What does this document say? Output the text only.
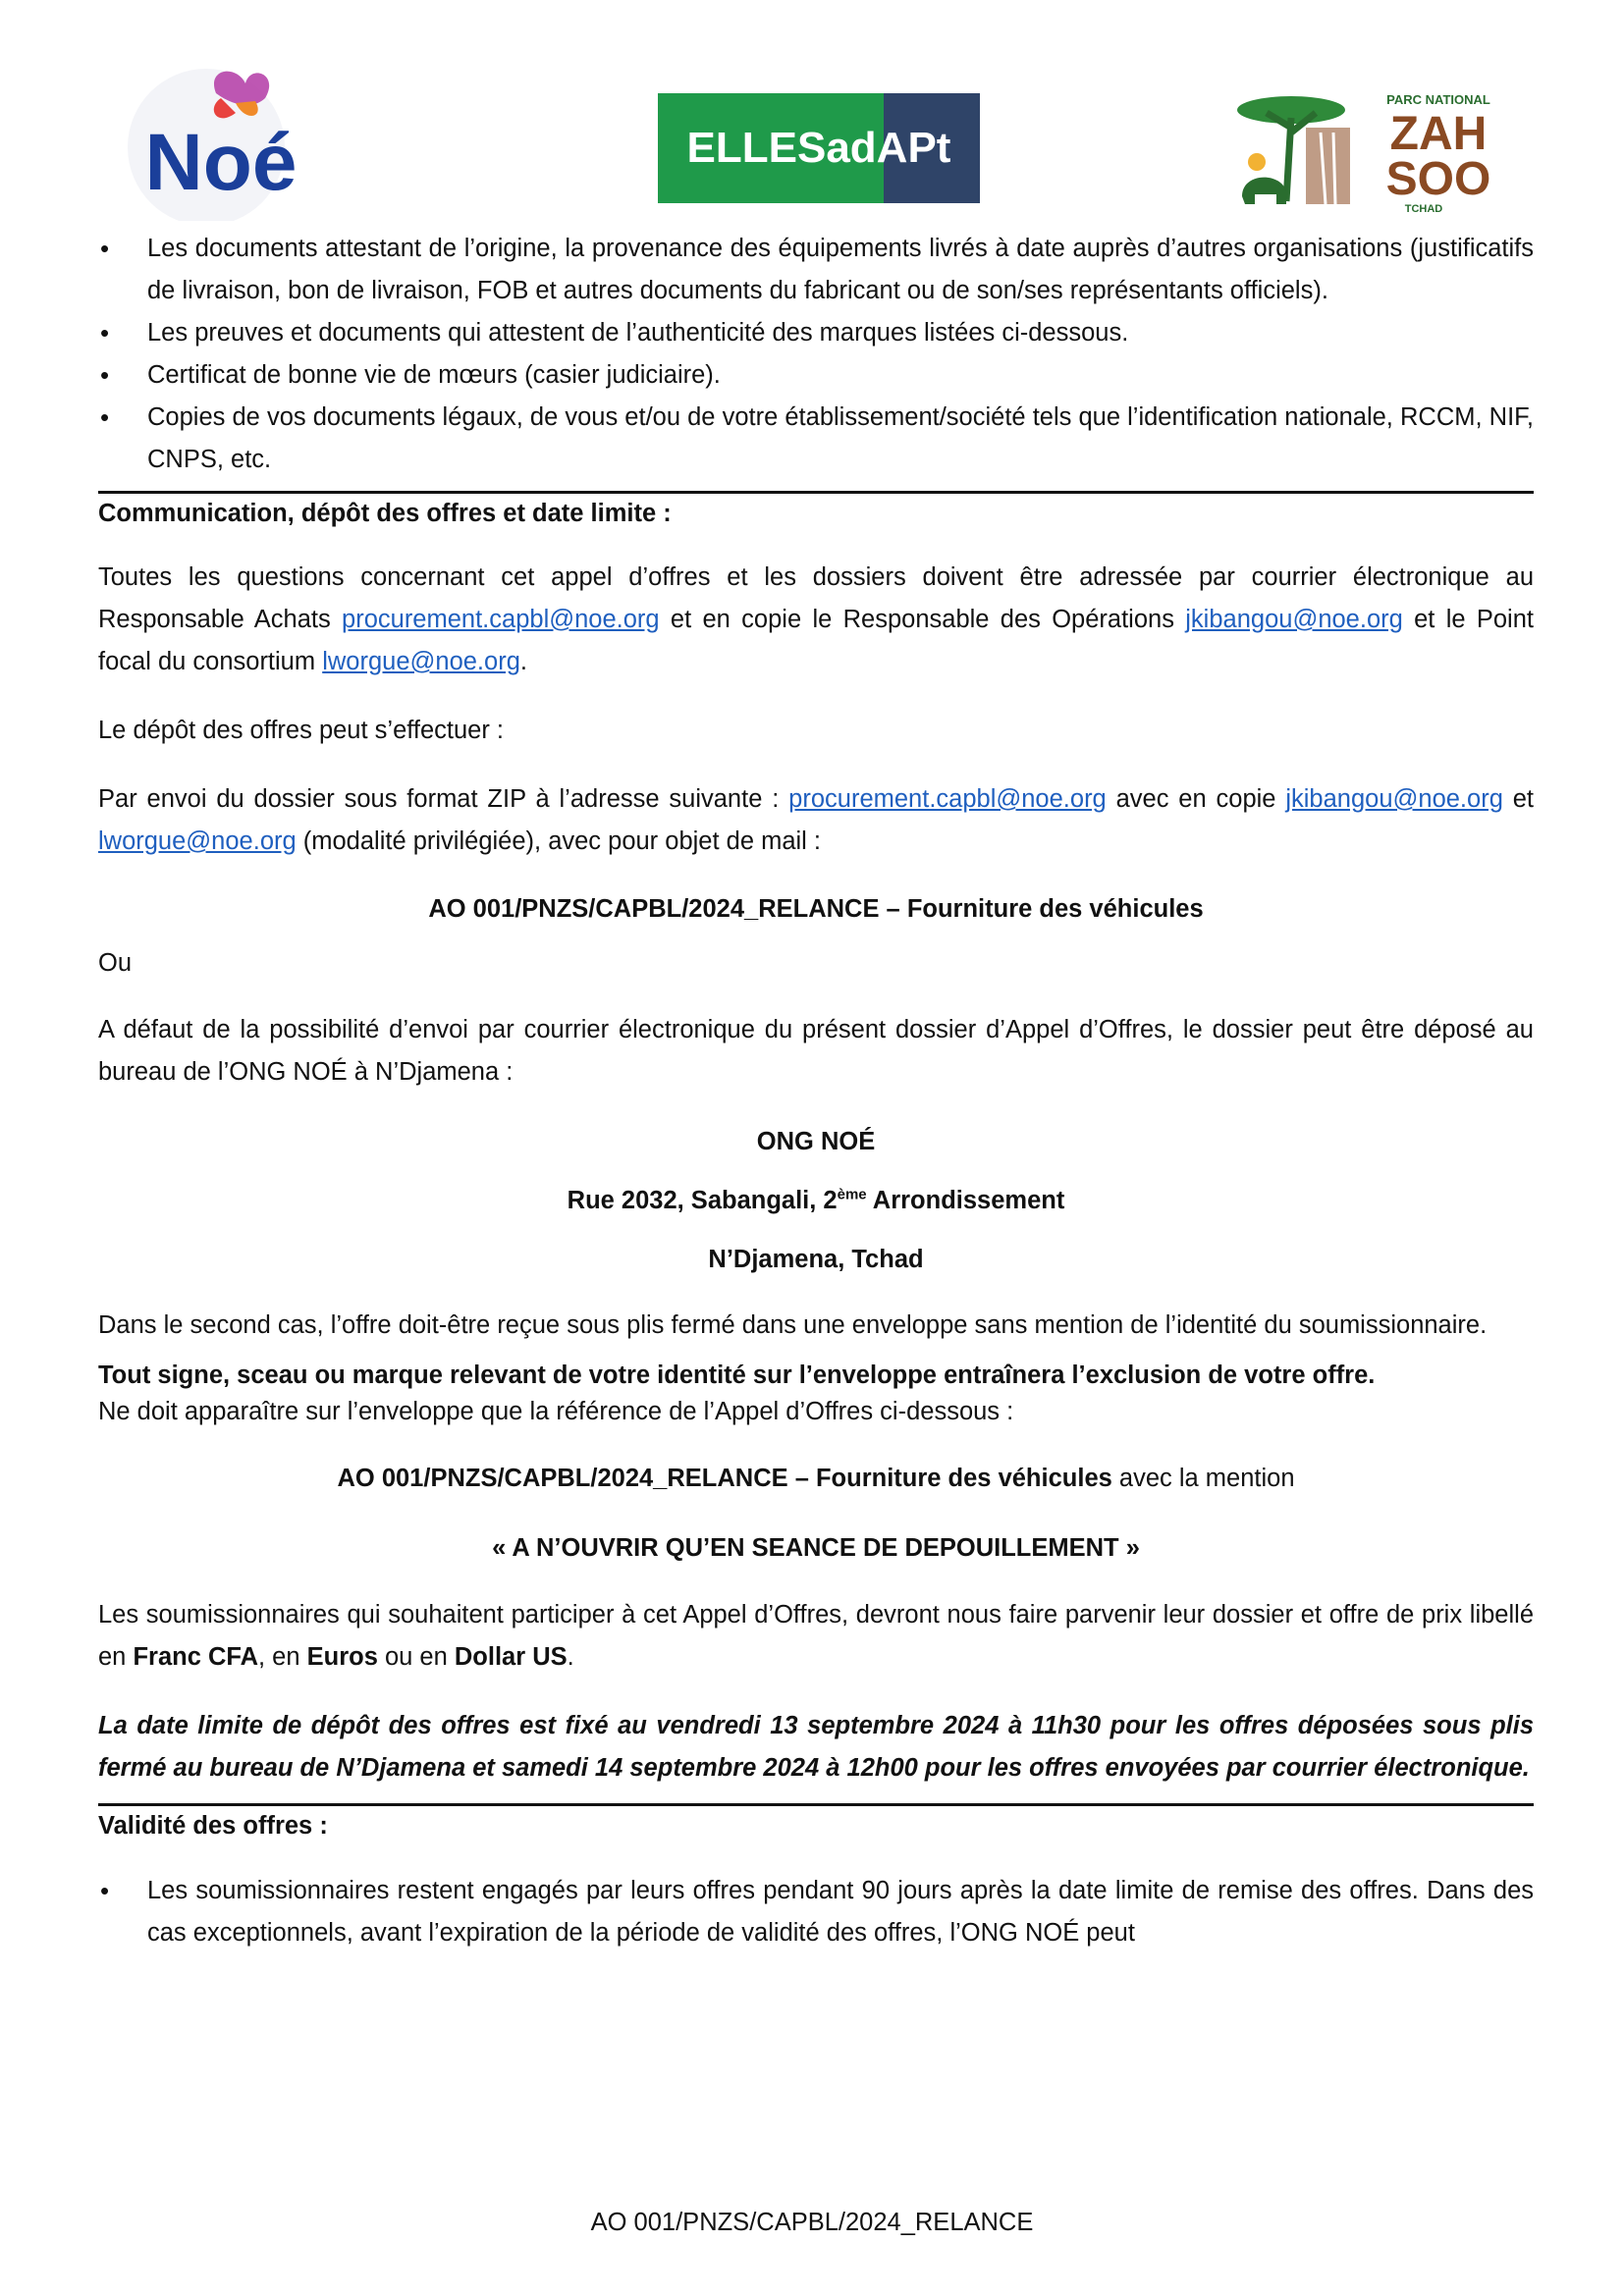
Noé	ELLESadAPt
PARC NATIONAL
ZAH
SOO
TCHAD
• Les documents attestant de l’origine, la provenance des équipements livrés à date auprès d’autres organisations (justificatifs de livraison, bon de livraison, FOB et autres documents du fabricant ou de son/ses représentants officiels).
• Les preuves et documents qui attestent de l’authenticité des marques listées ci-dessous.
• Certificat de bonne vie de mœurs (casier judiciaire).
• Copies de vos documents légaux, de vous et/ou de votre établissement/société tels que l’identification nationale, RCCM, NIF, CNPS, etc.

Communication, dépôt des offres et date limite :

Toutes les questions concernant cet appel d’offres et les dossiers doivent être adressée par courrier électronique au Responsable Achats procurement.capbl@noe.org et en copie le Responsable des Opérations jkibangou@noe.org et le Point focal du consortium lworgue@noe.org.

Le dépôt des offres peut s’effectuer :

Par envoi du dossier sous format ZIP à l’adresse suivante : procurement.capbl@noe.org avec en copie jkibangou@noe.org et lworgue@noe.org (modalité privilégiée), avec pour objet de mail :

AO 001/PNZS/CAPBL/2024_RELANCE – Fourniture des véhicules

Ou

A défaut de la possibilité d’envoi par courrier électronique du présent dossier d’Appel d’Offres, le dossier peut être déposé au bureau de l’ONG NOÉ à N’Djamena :

ONG NOÉ

Rue 2032, Sabangali, 2ème Arrondissement

N’Djamena, Tchad

Dans le second cas, l’offre doit-être reçue sous plis fermé dans une enveloppe sans mention de l’identité du soumissionnaire.

Tout signe, sceau ou marque relevant de votre identité sur l’enveloppe entraînera l’exclusion de votre offre.

Ne doit apparaître sur l’enveloppe que la référence de l’Appel d’Offres ci-dessous :

AO 001/PNZS/CAPBL/2024_RELANCE – Fourniture des véhicules avec la mention

« A N’OUVRIR QU’EN SEANCE DE DEPOUILLEMENT »

Les soumissionnaires qui souhaitent participer à cet Appel d’Offres, devront nous faire parvenir leur dossier et offre de prix libellé en Franc CFA, en Euros ou en Dollar US.

La date limite de dépôt des offres est fixé au vendredi 13 septembre 2024 à 11h30 pour les offres déposées sous plis fermé au bureau de N’Djamena et samedi 14 septembre 2024 à 12h00 pour les offres envoyées par courrier électronique.

Validité des offres :

• Les soumissionnaires restent engagés par leurs offres pendant 90 jours après la date limite de remise des offres. Dans des cas exceptionnels, avant l’expiration de la période de validité des offres, l’ONG NOÉ peut
AO 001/PNZS/CAPBL/2024_RELANCE
